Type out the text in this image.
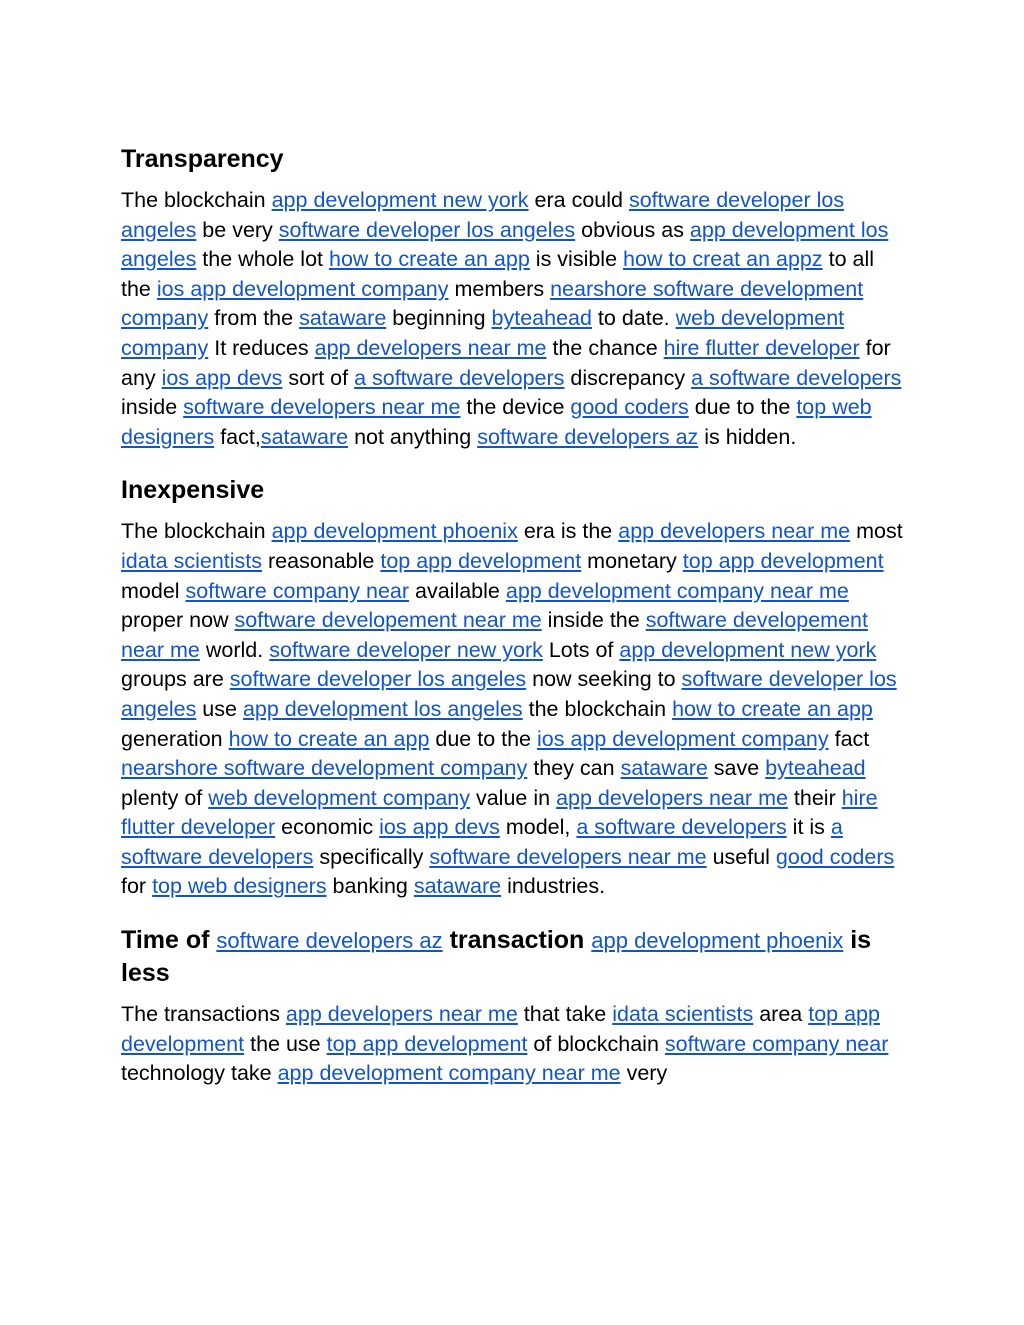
Transparency

The blockchain app development new york era could software developer los angeles be very software developer los angeles obvious as app development los angeles the whole lot how to create an app is visible how to creat an appz to all the ios app development company members nearshore software development company from the sataware beginning byteahead to date. web development company It reduces app developers near me the chance hire flutter developer for any ios app devs sort of a software developers discrepancy a software developers inside software developers near me the device good coders due to the top web designers fact,sataware not anything software developers az is hidden.

Inexpensive

The blockchain app development phoenix era is the app developers near me most idata scientists reasonable top app development monetary top app development model software company near available app development company near me proper now software developement near me inside the software developement near me world. software developer new york Lots of app development new york groups are software developer los angeles now seeking to software developer los angeles use app development los angeles the blockchain how to create an app generation how to create an app due to the ios app development company fact nearshore software development company they can sataware save byteahead plenty of web development company value in app developers near me their hire flutter developer economic ios app devs model, a software developers it is a software developers specifically software developers near me useful good coders for top web designers banking sataware industries.

Time of software developers az transaction app development phoenix is less

The transactions app developers near me that take idata scientists area top app development the use top app development of blockchain software company near technology take app development company near me very
